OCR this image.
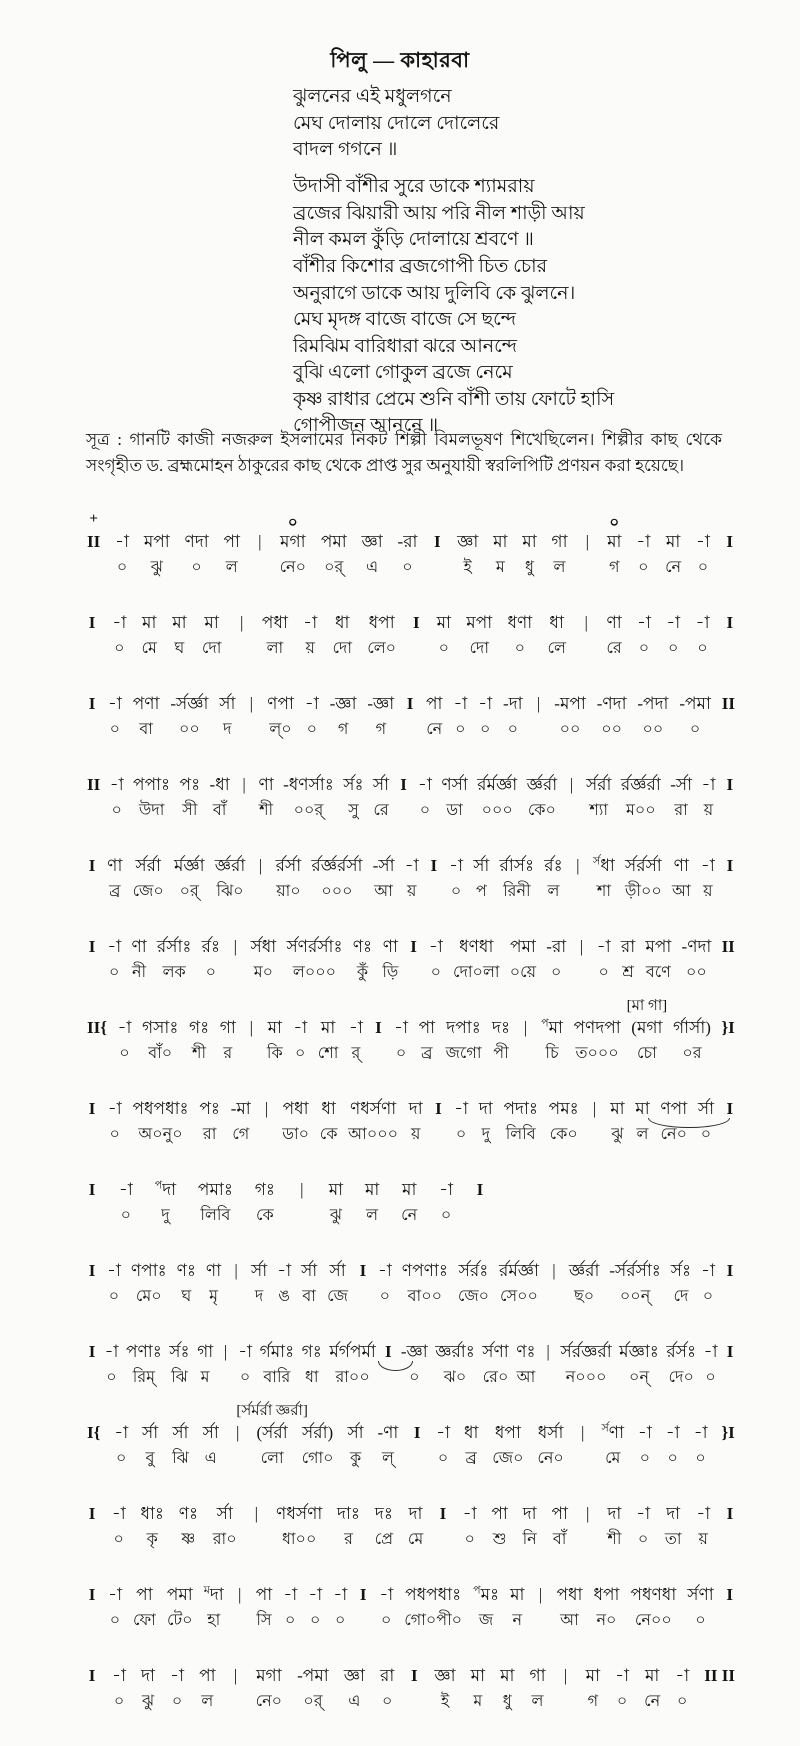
পিলু — কাহারবা
ঝুলনের এই মধুলগনে
মেঘ দোলায় দোলে দোলেরে
বাদল গগনে ॥
উদাসী বাঁশীর সুরে ডাকে শ্যামরায়
ব্রজের ঝিয়ারী আয় পরি নীল শাড়ী আয়
নীল কমল কুঁড়ি দোলায়ে শ্রবণে ॥
বাঁশীর কিশোর ব্রজগোপী চিত চোর
অনুরাগে ডাকে আয় দুলিবি কে ঝুলনে।
মেঘ মৃদঙ্গ বাজে বাজে সে ছন্দে
রিমঝিম বারিধারা ঝরে আনন্দে
বুঝি এলো গোকুল ব্রজে নেমে
কৃষ্ণ রাধার প্রেমে শুনি বাঁশী তায় ফোটে হাসি
গোপীজন আননে ॥
সূত্র : গানটি কাজী নজরুল ইসলামের নিকট শিল্পী বিমলভূষণ শিখেছিলেন। শিল্পীর কাছ থেকে সংগৃহীত ড. ব্রহ্মমোহন ঠাকুরের কাছ থেকে প্রাপ্ত সুর অনুযায়ী স্বরলিপিটি প্রণয়ন করা হয়েছে।
+
II -া
০
মপা
ঝু
ণদা
০
পা
ল
|
০
মগা
নে০
পমা
০র্
জ্ঞা
এ
-রা
০
I জ্ঞা
ই
মা
ম
মা
ধু
গা
ল
|
০
মা
গ
-া
০
মা
নে
-া
০
I
I -া
০
মা
মে
মা
ঘ
মা
দো
| পধা
লা
-া
য়
ধা
দো
ধপা
লে০
I মা
০
মপা
দো
ধণা
০
ধা
লে
| ণা
রে
-া
০
-া
০
-া
০
I
I -া
০
পণা
বা
-র্সর্জ্ঞা
০০
র্সা
দ
| ণপা
ল্০
-া
০
-জ্ঞা
গ
-জ্ঞা
গ
I পা
নে
-া
০
-া
০
-দা
০
| -মপা
০০
-ণদা
০০
-পদা
০০
-পমা
০
II
II -া
০
পপাঃ
উদা
পঃ
সী
-ধা
বাঁ
| ণা
শী
-ধণর্সাঃ
০০র্
র্সঃ
সু
র্সা
রে
I -া
০
ণর্সা
ডা
র্রর্মর্জ্ঞা
০০০
র্জ্ঞর্রা
কে০
| র্সর্রা
শ্যা
র্রর্জ্ঞর্রা
ম০০
-র্সা
রা
-া
য়
I
I ণা
ব্র
র্সর্রা
জে০
র্মর্জ্ঞা
০র্
র্জ্ঞর্রা
ঝি০
| র্রর্সা
য়া০
র্রর্জ্ঞর্রর্সা
০০০
-র্সা
আ
-া
য়
I -া
০
র্সা
প
র্রার্সঃ
রিনী
র্রঃ
ল
| $^{র্স}$ধা
শা
র্সর্রর্সা
ড়ী০০
ণা
আ
-া
য়
I
I -া
০
ণা
নী
র্রর্সাঃ
লক
র্রঃ
০
| র্সধা
ম০
র্সণর্রর্সাঃ
ল০০০
ণঃ
কুঁ
ণা
ড়ি
I -া
০
ধণধা
দো০লা
পমা
০য়ে
-রা
০
| -া
০
রা
শ্র
মপা
বণে
-ণদা
০০
II
II{ -া
০
গসাঃ
বাঁ০
গঃ
শী
গা
র
| মা
কি
-া
০
মা
শো
-া
র্
I -া
০
পা
ব্র
দপাঃ
জগো
দঃ
পী
| $^প$মা
চি
পণদপা
ত০০০
[মা গা]
(মগা
চো
র্গার্সা)
০র
}I
I -া
০
পধপধাঃ
অ০নু০
পঃ
রা
-মা
গে
| পধা
ডা০
ধা
কে
ণধর্সণা
আ০০০
দা
য়
I -া
০
দা
দু
পদাঃ
লিবি
পমঃ
কে০
| মা
ঝু
মা
ল
ণপা
নে০
র্সা
০
I
I -া
০
$^প$দা
দু
পমাঃ
লিবি
গঃ
কে
| মা
ঝু
মা
ল
মা
নে
-া
০
I
I -া
০
ণপাঃ
মে০
ণঃ
ঘ
ণা
মৃ
| র্সা
দ
-া
ঙ
র্সা
বা
র্সা
জে
I -া
০
ণপণাঃ
বা০০
র্সর্রঃ
জে০
র্রর্মর্জ্ঞা
সে০০
| র্জ্ঞর্রা
ছ০
-র্সর্রর্সাঃ
০০ন্
র্সঃ
দে
-া
০
I
I -া
০
পণাঃ
রিম্
র্সঃ
ঝি
গা
ম
| -া
০
র্গমাঃ
বারি
গঃ
ধা
র্মর্গপর্মা
রা০০
I -জ্ঞা
০
জ্ঞর্রাঃ
ঝ০
র্সণা
রে০
ণঃ
আ
| র্সর্রজ্ঞর্রা
ন০০০
র্মজ্ঞাঃ
০ন্
র্রর্সঃ
দে০
-া
০
I
I{ -া
০
র্সা
বু
র্সা
ঝি
র্সা
এ
|
[র্সর্মর্রা জ্ঞর্রা]
(র্সর্রা
লো
র্সর্রা)
গো০
র্সা
কু
-ণা
ল্
I -া
০
ধা
ব্র
ধপা
জে০
ধর্সা
নে০
| $^{র্স}$ণা
মে
-া
০
-া
০
-া
০
}I
I -া
০
ধাঃ
কৃ
ণঃ
ষ্ণ
র্সা
রা০
| ণধর্সণা
ধা০০
দাঃ
র
দঃ
প্রে
দা
মে
I -া
০
পা
শু
দা
নি
পা
বাঁ
| দা
শী
-া
০
দা
তা
-া
য়
I
I -া
০
পা
ফো
পমা
টে০
$^ম$দা
হা
| পা
সি
-া
০
-া
০
-া
০
I -া
০
পধপধাঃ
গো০পী০
$^প$মঃ
জ
মা
ন
| পধা
আ
ধপা
ন০
পধণধা
নে০০
র্সণা
০
I
I -া
০
দা
ঝু
-া
০
পা
ল
| মগা
নে০
-পমা
০র্
জ্ঞা
এ
রা
০
I জ্ঞা
ই
মা
ম
মা
ধু
গা
ল
| মা
গ
-া
০
মা
নে
-া
০
II II
